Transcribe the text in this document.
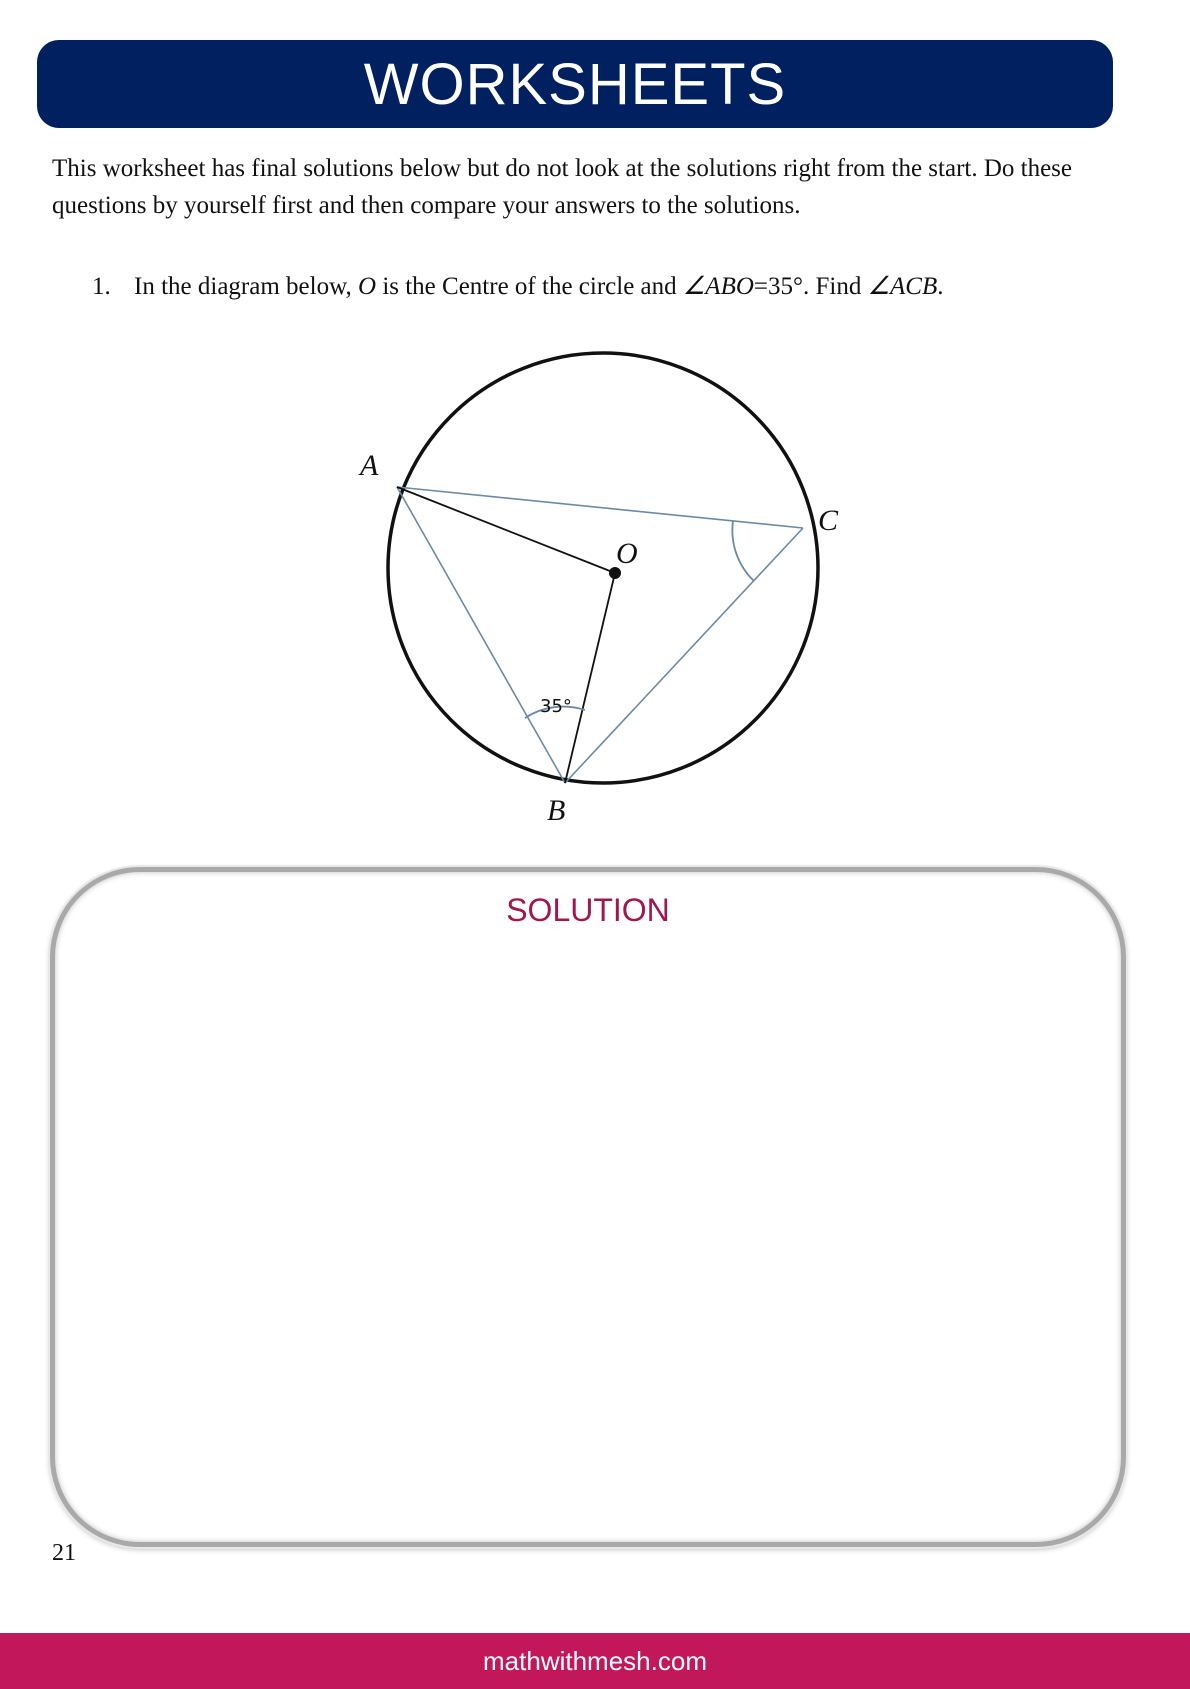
WORKSHEETS

This worksheet has final solutions below but do not look at the solutions right from the start. Do these questions by yourself first and then compare your answers to the solutions.

1. In the diagram below, O is the Centre of the circle and ∠ABO=35°. Find ∠ACB.
A
C
O
B
35°
SOLUTION
21
mathwithmesh.com
